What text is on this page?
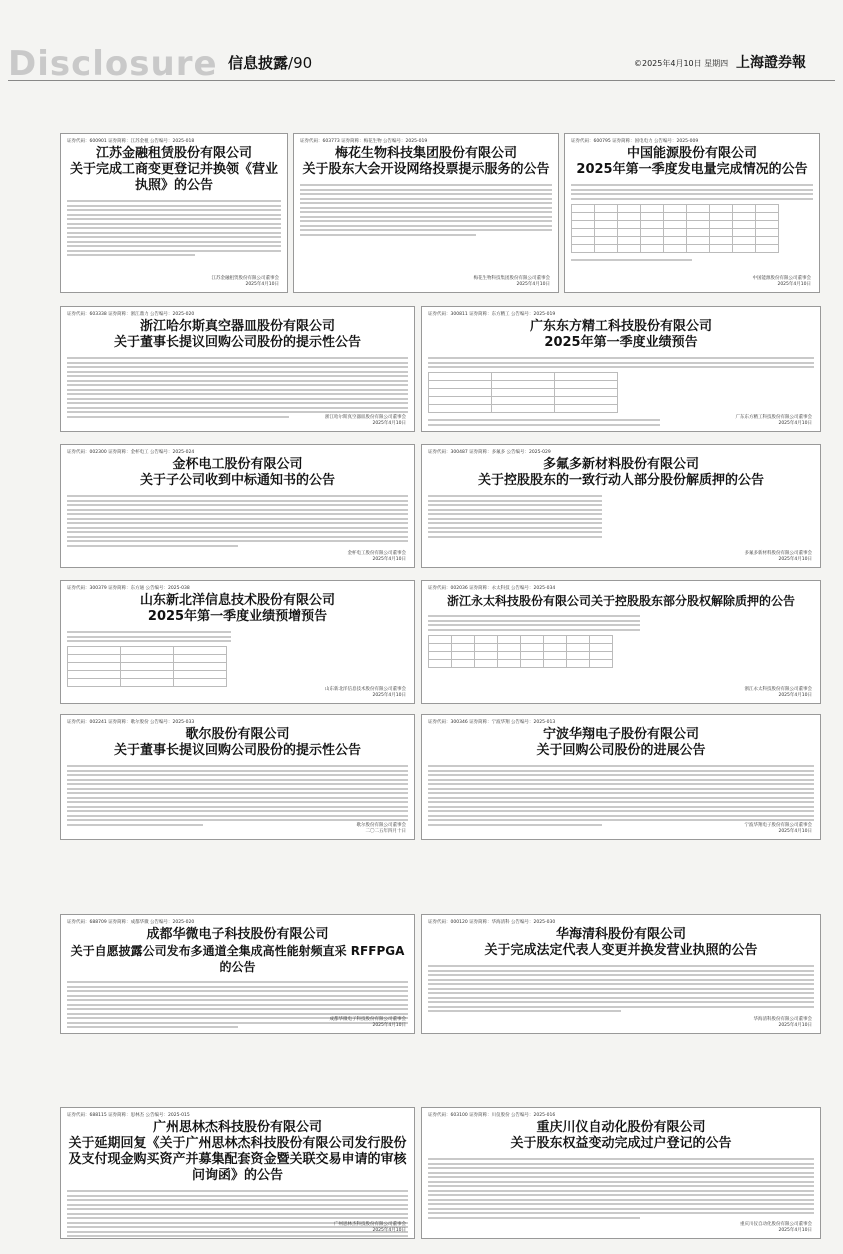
Disclosure 信息披露/90	©2025年4月10日 星期四 上海證券報
证券代码：600901 证券简称：江苏金租 公告编号：2025-018
江苏金融租赁股份有限公司
关于完成工商变更登记并换领《营业执照》的公告
江苏金融租赁股份有限公司董事会
2025年4月10日
证券代码：603773 证券简称：梅花生物 公告编号：2025-019
梅花生物科技集团股份有限公司
关于股东大会开设网络投票提示服务的公告
梅花生物科技集团股份有限公司董事会
2025年4月10日
证券代码：600795 证券简称：国电电力 公告编号：2025-009
中国能源股份有限公司
2025年第一季度发电量完成情况的公告

中国能源股份有限公司董事会
2025年4月10日
证券代码：603338 证券简称：浙江鼎力 公告编号：2025-020
浙江哈尔斯真空器皿股份有限公司
关于董事长提议回购公司股份的提示性公告
浙江哈尔斯真空器皿股份有限公司董事会
2025年4月10日
证券代码：300811 证券简称：东方精工 公告编号：2025-019
广东东方精工科技股份有限公司
2025年第一季度业绩预告

广东东方精工科技股份有限公司董事会
2025年4月10日
证券代码：002300 证券简称：金杯电工 公告编号：2025-024
金杯电工股份有限公司
关于子公司收到中标通知书的公告
金杯电工股份有限公司董事会
2025年4月10日
证券代码：300487 证券简称：多氟多 公告编号：2025-029
多氟多新材料股份有限公司
关于控股股东的一致行动人部分股份解质押的公告
多氟多新材料股份有限公司董事会
2025年4月10日
证券代码：300379 证券简称：东方通 公告编号：2025-038
山东新北洋信息技术股份有限公司
2025年第一季度业绩预增预告

山东新北洋信息技术股份有限公司董事会
2025年4月10日
证券代码：002036 证券简称：永太科技 公告编号：2025-034
浙江永太科技股份有限公司关于控股股东部分股权解除质押的公告

浙江永太科技股份有限公司董事会
2025年4月10日
证券代码：002241 证券简称：歌尔股份 公告编号：2025-033
歌尔股份有限公司
关于董事长提议回购公司股份的提示性公告
歌尔股份有限公司董事会
二〇二五年四月十日
证券代码：300346 证券简称：宁波华翔 公告编号：2025-013
宁波华翔电子股份有限公司
关于回购公司股份的进展公告
宁波华翔电子股份有限公司董事会
2025年4月10日
证券代码：688709 证券简称：成都华微 公告编号：2025-020
成都华微电子科技股份有限公司
关于自愿披露公司发布多通道全集成高性能射频直采 RFFPGA 的公告
成都华微电子科技股份有限公司董事会
2025年4月10日
证券代码：000120 证券简称：华海清科 公告编号：2025-030
华海清科股份有限公司
关于完成法定代表人变更并换发营业执照的公告
华海清科股份有限公司董事会
2025年4月10日
证券代码：688115 证券简称：思林杰 公告编号：2025-015
广州思林杰科技股份有限公司
关于延期回复《关于广州思林杰科技股份有限公司发行股份及支付现金购买资产并募集配套资金暨关联交易申请的审核问询函》的公告
广州思林杰科技股份有限公司董事会
2025年4月10日
证券代码：603100 证券简称：川仪股份 公告编号：2025-016
重庆川仪自动化股份有限公司
关于股东权益变动完成过户登记的公告
重庆川仪自动化股份有限公司董事会
2025年4月10日
